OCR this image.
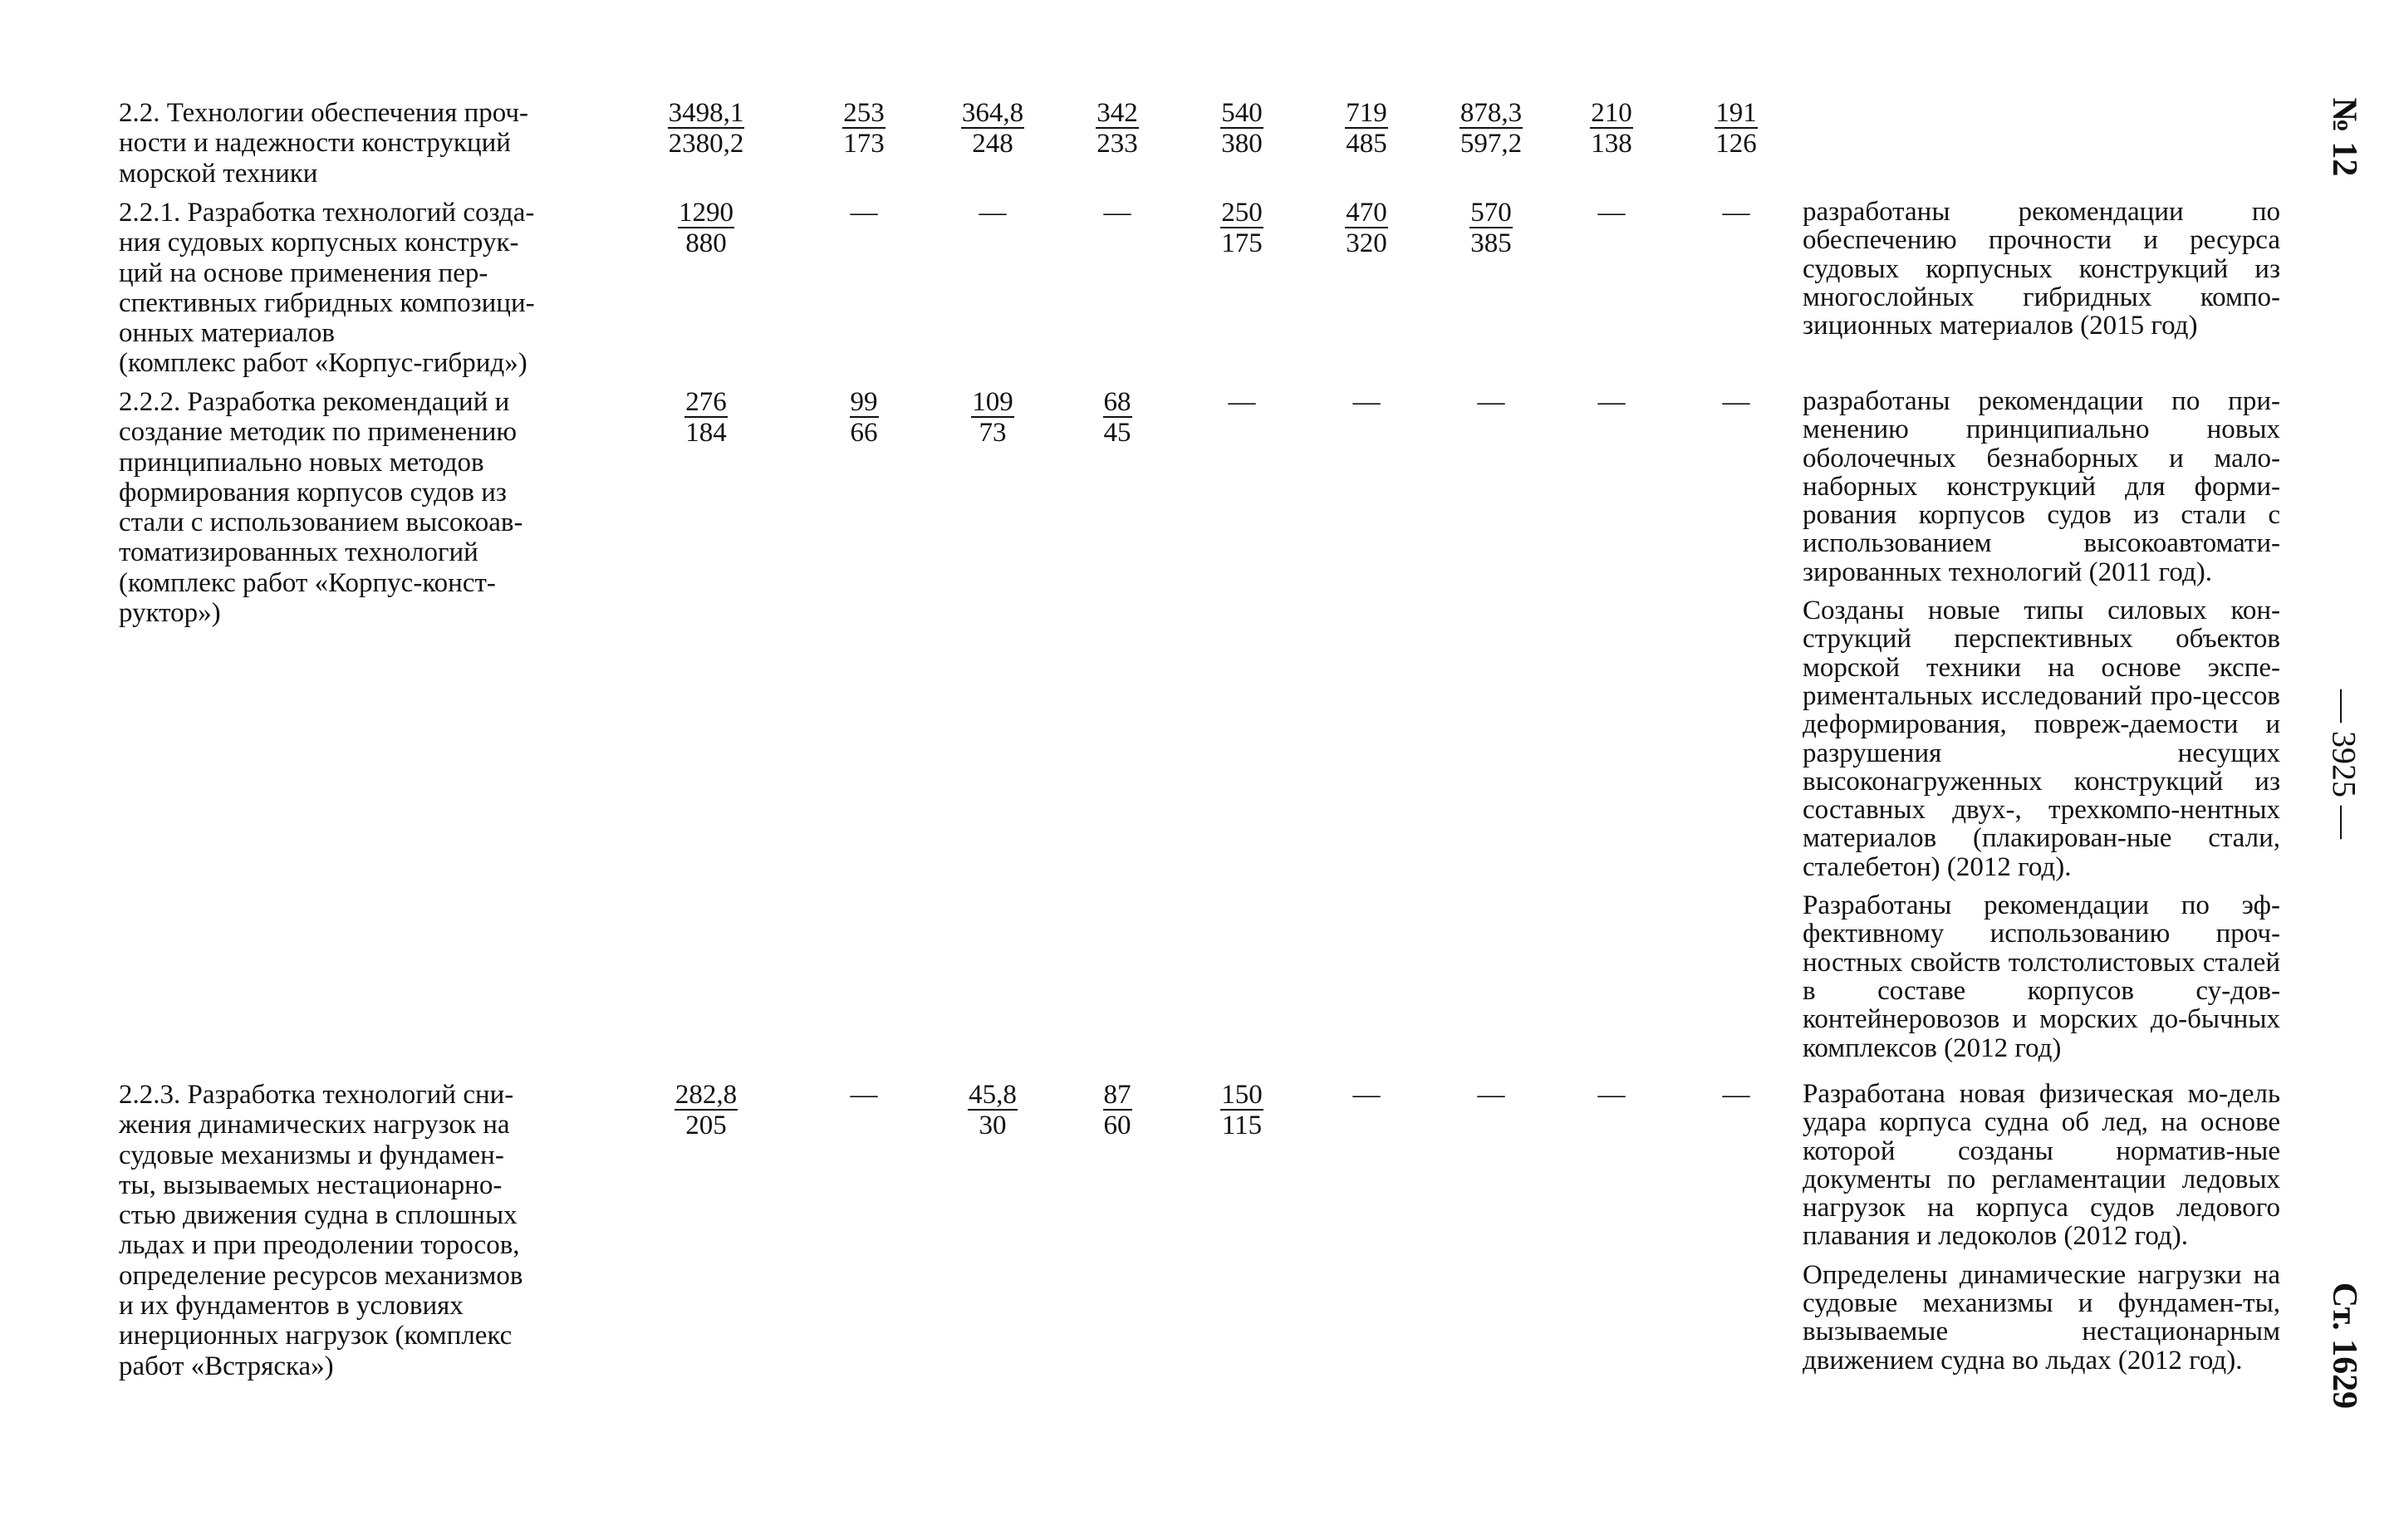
2.2. Технологии обеспечения проч-
ности и надежности конструкций
морской техники
$\frac{3498,1}{2380,2} \frac{253}{173} \frac{364,8}{248} \frac{342}{233} \frac{540}{380} \frac{719}{485} \frac{878,3}{597,2} \frac{210}{138} \frac{191}{126}$
2.2.1. Разработка технологий созда-
ния судовых корпусных конструк-
ций на основе применения пер-
спективных гибридных композици-
онных материалов
(комплекс работ «Корпус-гибрид»)
$\frac{1290}{880}$	—	—	—	$\frac{250}{175} \frac{470}{320} \frac{570}{385}$	—	—	разработаны рекомендации по обеспечению прочности и ресурса судовых корпусных конструкций из многослойных гибридных компо-зиционных материалов (2015 год)

2.2.2. Разработка рекомендаций и
создание методик по применению
принципиально новых методов
формирования корпусов судов из
стали с использованием высокоав-
томатизированных технологий
(комплекс работ «Корпус-конст-
руктор»)
$\frac{276}{184} \frac{99}{66} \frac{109}{73} \frac{68}{45}$	—	—	—	—	—	разработаны рекомендации по при-менению принципиально новых оболочечных безнаборных и мало-наборных конструкций для форми-рования корпусов судов из стали с использованием высокоавтомати-зированных технологий (2011 год).

Созданы новые типы силовых кон-струкций перспективных объектов морской техники на основе экспе-риментальных исследований про-цессов деформирования, повреж-даемости и разрушения несущих высоконагруженных конструкций из составных двух-, трехкомпо-нентных материалов (плакирован-ные стали, сталебетон) (2012 год).

Разработаны рекомендации по эф-фективному использованию проч-ностных свойств толстолистовых сталей в составе корпусов су-дов-контейнеровозов и морских до-бычных комплексов (2012 год)

2.2.3. Разработка технологий сни-
жения динамических нагрузок на
судовые механизмы и фундамен-
ты, вызываемых нестационарно-
стью движения судна в сплошных
льдах и при преодолении торосов,
определение ресурсов механизмов
и их фундаментов в условиях
инерционных нагрузок (комплекс
работ «Встряска»)
$\frac{282,8}{205}$	—	$\frac{45,8}{30} \frac{87}{60} \frac{150}{115}$	—	—	—	—	Разработана новая физическая мо-дель удара корпуса судна об лед, на основе которой созданы норматив-ные документы по регламентации ледовых нагрузок на корпуса судов ледового плавания и ледоколов (2012 год).

Определены динамические нагрузки на судовые механизмы и фундамен-ты, вызываемые нестационарным движением судна во льдах (2012 год).

№ 12
— 3925 —
Ст. 1629
